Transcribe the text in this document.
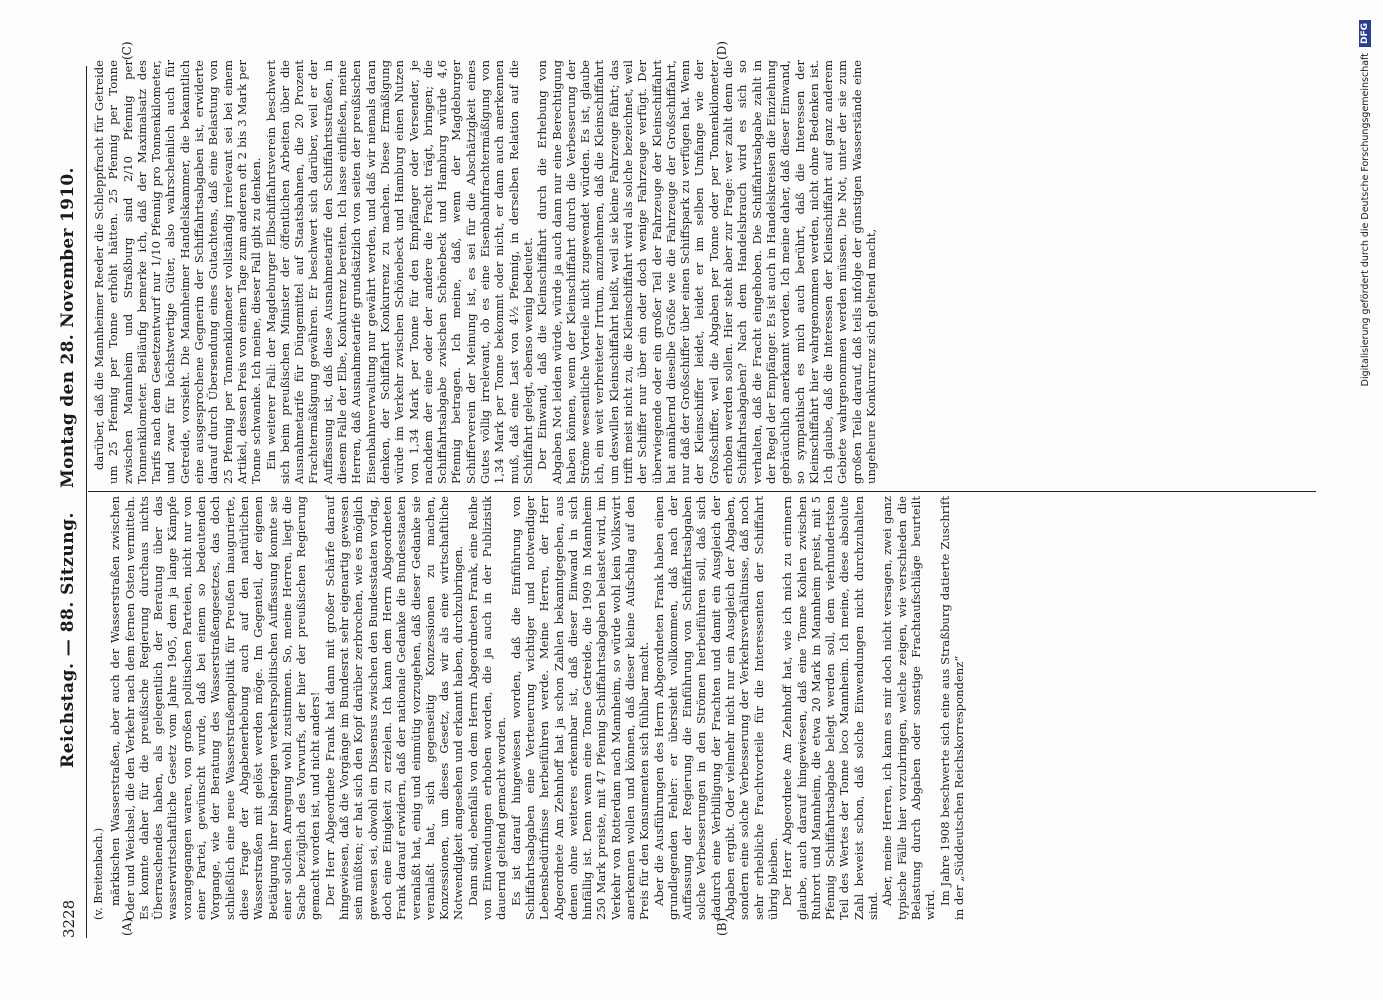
3228
Reichstag. — 88. Sitzung.
Montag den 28. November 1910.
(A)	(B)
(C)	(D)

(v. Breitenbach.) märkischen Wasserstraßen, aber auch der Wasserstraßen zwischen Oder und Weichsel, die den Verkehr nach dem fernen Osten vermitteln. Es konnte daher für die preußische Regierung durchaus nichts Überraschendes haben, als gelegentlich der Beratung über das wasserwirtschaftliche Gesetz vom Jahre 1905, dem ja lange Kämpfe vorangegangen waren, von großen politischen Parteien, nicht nur von einer Partei, gewünscht wurde, daß bei einem so bedeutenden Vorgange, wie der Beratung des Wasserstraßengesetzes, das doch schließlich eine neue Wasserstraßenpolitik für Preußen inaugurierte, diese Frage der Abgabenerhebung auch auf den natürlichen Wasserstraßen mit gelöst werden möge. Im Gegenteil, der eigenen Betätigung ihrer bisherigen verkehrspolitischen Auffassung konnte sie einer solchen Anregung wohl zustimmen. So, meine Herren, liegt die Sache bezüglich des Vorwurfs, der hier der preußischen Regierung gemacht worden ist, und nicht anders! Der Herr Abgeordnete Frank hat dann mit großer Schärfe darauf hingewiesen, daß die Vorgänge im Bundesrat sehr eigenartig gewesen sein müßten; er hat sich den Kopf darüber zerbrochen, wie es möglich gewesen sei, obwohl ein Dissensus zwischen den Bundesstaaten vorlag, doch eine Einigkeit zu erzielen. Ich kann dem Herrn Abgeordneten Frank darauf erwidern, daß der nationale Gedanke die Bundesstaaten veranlaßt hat, einig und einmütig vorzugehen, daß dieser Gedanke sie veranlaßt hat, sich gegenseitig Konzessionen zu machen, Konzessionen, um dieses Gesetz, das wir als eine wirtschaftliche Notwendigkeit angesehen und erkannt haben, durchzubringen. Dann sind, ebenfalls von dem Herrn Abgeordneten Frank, eine Reihe von Einwendungen erhoben worden, die ja auch in der Publizistik dauernd geltend gemacht worden. Es ist darauf hingewiesen worden, daß die Einführung von Schiffahrtsabgaben eine Verteuerung wichtiger und notwendiger Lebensbedürfnisse herbeiführen werde. Meine Herren, der Herr Abgeordnete Am Zehnhoff hat ja schon Zahlen bekanntgegeben, aus denen ohne weiteres erkennbar ist, daß dieser Einwand in sich hinfällig ist. Denn wenn eine Tonne Getreide, die 1909 in Mannheim 250 Mark preiste, mit 47 Pfennig Schiffahrtsabgaben belastet wird, im Verkehr von Rotterdam nach Mannheim, so würde wohl kein Volkswirt anerkennen wollen und können, daß dieser kleine Aufschlag auf den Preis für den Konsumenten sich fühlbar macht. Aber die Ausführungen des Herrn Abgeordneten Frank haben einen grundlegenden Fehler: er übersieht vollkommen, daß nach der Auffassung der Regierung die Einführung von Schiffahrtsabgaben solche Verbesserungen in den Strömen herbeiführen soll, daß sich dadurch eine Verbilligung der Frachten und damit ein Ausgleich der Abgaben ergibt. Oder vielmehr nicht nur ein Ausgleich der Abgaben, sondern eine solche Verbesserung der Verkehrsverhältnisse, daß noch sehr erhebliche Frachtvorteile für die Interessenten der Schiffahrt übrig bleiben. Der Herr Abgeordnete Am Zehnhoff hat, wie ich mich zu erinnern glaube, auch darauf hingewiesen, daß eine Tonne Kohlen zwischen Ruhrort und Mannheim, die etwa 20 Mark in Mannheim preist, mit 5 Pfennig Schiffahrtsabgabe belegt werden soll, dem vierhundertsten Teil des Wertes der Tonne loco Mannheim. Ich meine, diese absolute Zahl beweist schon, daß solche Einwendungen nicht durchzuhalten sind. Aber, meine Herren, ich kann es mir doch nicht versagen, zwei ganz typische Fälle hier vorzubringen, welche zeigen, wie verschieden die Belastung durch Abgaben oder sonstige Frachtaufschläge beurteilt wird. Im Jahre 1908 beschwerte sich eine aus Straßburg datierte Zuschrift in der „Süddeutschen Reichskorrespondenz“

darüber, daß die Mannheimer Reeder die Schleppfracht für Getreide um 25 Pfennig per Tonne erhöht hätten. 25 Pfennig per Tonne zwischen Mannheim und Straßburg sind 2/10 Pfennig per Tonnenkilometer. Beiläufig bemerke ich, daß der Maximalsatz des Tarifs nach dem Gesetzentwurf nur 1/10 Pfennig pro Tonnenkilometer, und zwar für höchstwertige Güter, also wahrscheinlich auch für Getreide, vorsieht. Die Mannheimer Handelskammer, die bekanntlich eine ausgesprochene Gegnerin der Schiffahrtsabgaben ist, erwiderte darauf durch Übersendung eines Gutachtens, daß eine Belastung von 25 Pfennig per Tonnenkilometer vollständig irrelevant sei bei einem Artikel, dessen Preis von einem Tage zum anderen oft 2 bis 3 Mark per Tonne schwanke. Ich meine, dieser Fall gibt zu denken. Ein weiterer Fall: der Magdeburger Elbschiffahrtsverein beschwert sich beim preußischen Minister der öffentlichen Arbeiten über die Ausnahmetarife für Düngemittel auf Staatsbahnen, die 20 Prozent Frachtermäßigung gewähren. Er beschwert sich darüber, weil er der Auffassung ist, daß diese Ausnahmetarife den Schiffahrtsstraßen, in diesem Falle der Elbe, Konkurrenz bereiten. Ich lasse einfließen, meine Herren, daß Ausnahmetarife grundsätzlich von seiten der preußischen Eisenbahnverwaltung nur gewährt werden, und daß wir niemals daran denken, der Schiffahrt Konkurrenz zu machen. Diese Ermäßigung würde im Verkehr zwischen Schönebeck und Hamburg einen Nutzen von 1,34 Mark per Tonne für den Empfänger oder Versender, je nachdem der eine oder der andere die Fracht trägt, bringen; die Schiffahrtsabgabe zwischen Schönebeck und Hamburg würde 4,6 Pfennig betragen. Ich meine, daß, wenn der Magdeburger Schifferverein der Meinung ist, es sei für die Abschätzigkeit eines Gutes völlig irrelevant, ob es eine Eisenbahnfrachtermäßigung von 1,34 Mark per Tonne bekommt oder nicht, er dann auch anerkennen muß, daß eine Last von 4½ Pfennig, in derselben Relation auf die Schiffahrt gelegt, ebenso wenig bedeutet. Der Einwand, daß die Kleinschiffahrt durch die Erhebung von Abgaben Not leiden würde, würde ja auch dann nur eine Berechtigung haben können, wenn der Kleinschiffahrt durch die Verbesserung der Ströme wesentliche Vorteile nicht zugewendet würden. Es ist, glaube ich, ein weit verbreiteter Irrtum, anzunehmen, daß die Kleinschiffahrt um deswillen Kleinschiffahrt heißt, weil sie kleine Fahrzeuge fährt; das trifft meist nicht zu, die Kleinschiffahrt wird als solche bezeichnet, weil der Schiffer nur über ein oder doch wenige Fahrzeuge verfügt. Der überwiegende oder ein großer Teil der Fahrzeuge der Kleinschiffahrt hat annähernd dieselbe Größe wie die Fahrzeuge der Großschiffahrt, nur daß der Großschiffer über einen Schiffspark zu verfügen hat. Wenn der Kleinschiffer leidet, leidet er im selben Umfange wie der Großschiffer, weil die Abgaben per Tonne oder per Tonnenkilometer erhoben werden sollen. Hier steht aber zur Frage: wer zahlt denn die Schiffahrtsabgaben? Nach dem Handelsbrauch wird es sich so verhalten, daß die Fracht eingehoben. Die Schiffahrtsabgabe zahlt in der Regel der Empfänger. Es ist auch in Handelskreisen die Einziehung gebräuchlich anerkannt worden. Ich meine daher, daß dieser Einwand, so sympathisch es mich auch berührt, daß die Interessen der Kleinschiffahrt hier wahrgenommen werden, nicht ohne Bedenken ist. Ich glaube, daß die Interessen der Kleinschiffahrt auf ganz anderem Gebiete wahrgenommen werden müssen. Die Not, unter der sie zum großen Teile darauf, daß teils infolge der günstigen Wasserstände eine ungeheure Konkurrenz sich geltend macht,	Digitalisierung gefördert durch die Deutsche Forschungsgemeinschaft
DFG
